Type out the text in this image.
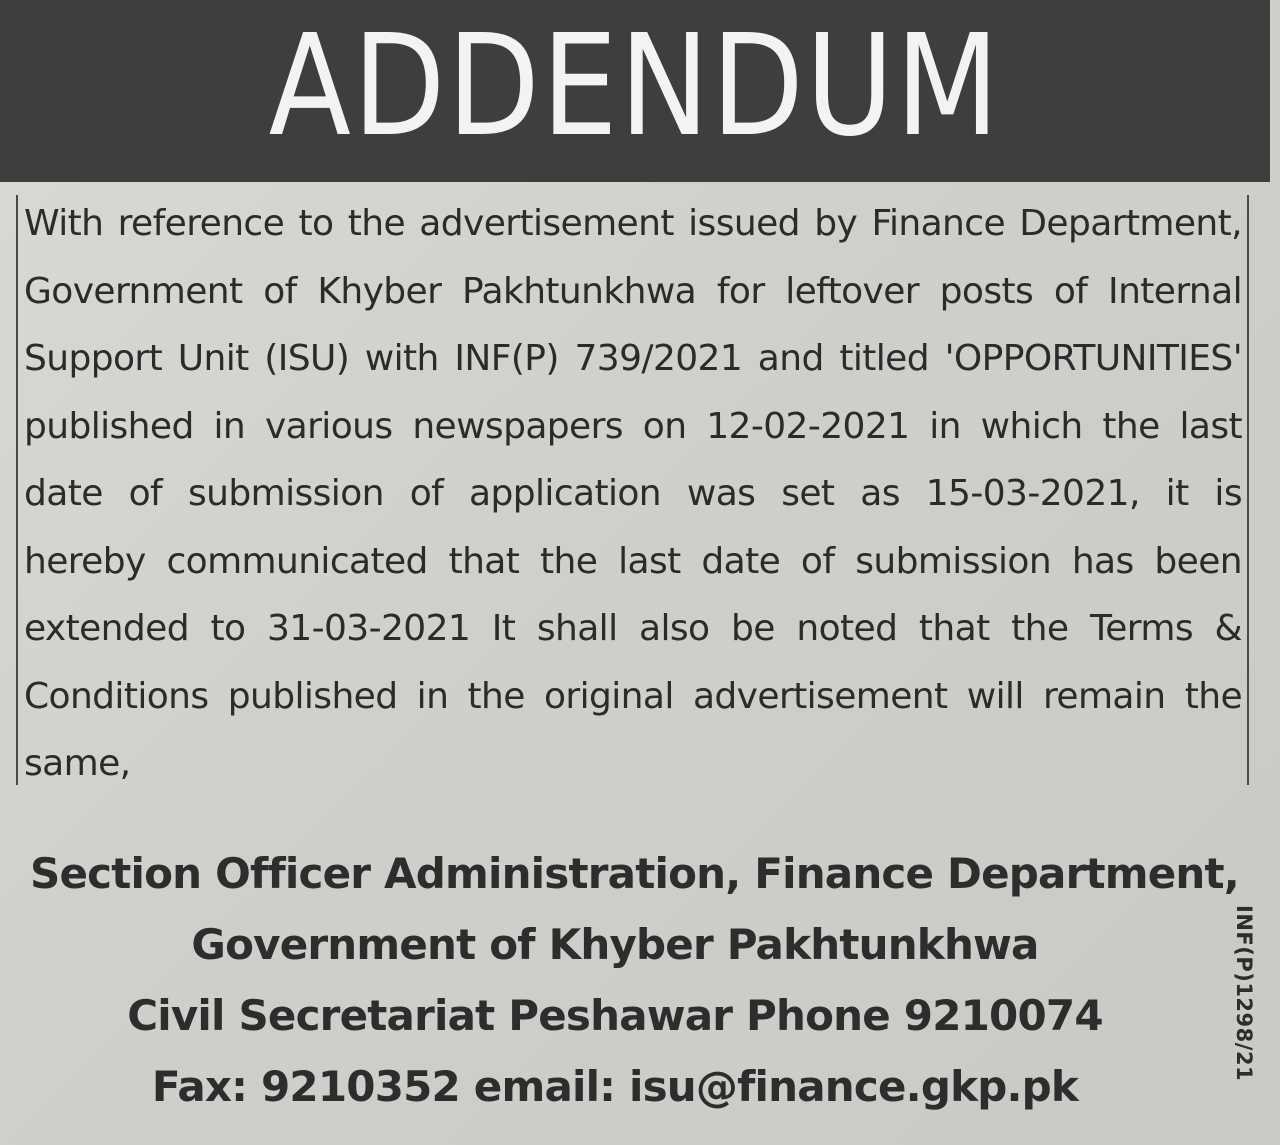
ADDENDUM

With reference to the advertisement issued by Finance Department, Government of Khyber Pakhtunkhwa for leftover posts of Internal Support Unit (ISU) with INF(P) 739/2021 and titled 'OPPORTUNITIES' published in various newspapers on 12-02-2021 in which the last date of submission of application was set as 15-03-2021, it is hereby communicated that the last date of submission has been extended to 31-03-2021 It shall also be noted that the Terms & Conditions published in the original advertisement will remain the same,

Section Officer Administration, Finance Department,
Government of Khyber Pakhtunkhwa
Civil Secretariat Peshawar Phone 9210074
Fax: 9210352 email: isu@finance.gkp.pk
INF(P)1298/21
